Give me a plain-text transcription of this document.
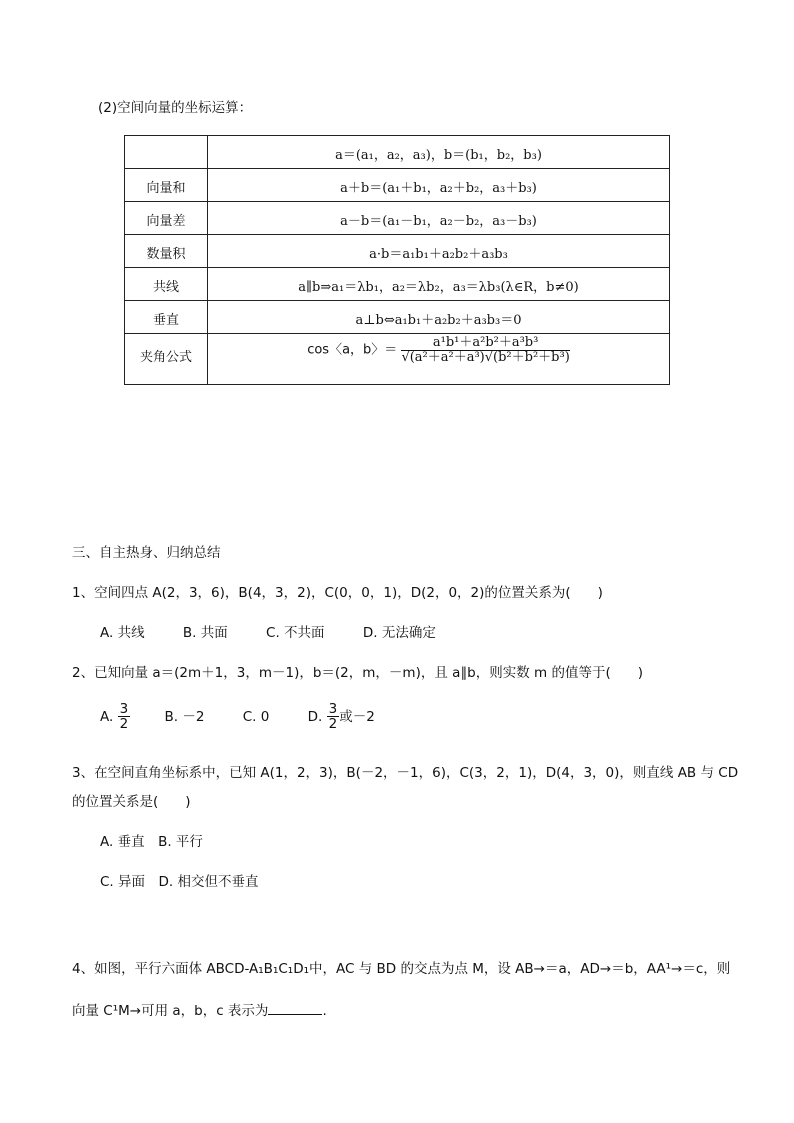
(2)空间向量的坐标运算：
	a＝(a₁，a₂，a₃)，b＝(b₁，b₂，b₃)
向量和	a＋b＝(a₁＋b₁，a₂＋b₂，a₃＋b₃)
向量差	a－b＝(a₁－b₁，a₂－b₂，a₃－b₃)
数量积	a·b＝a₁b₁＋a₂b₂＋a₃b₃
共线	a∥b⇒a₁＝λb₁，a₂＝λb₂，a₃＝λb₃(λ∈R，b≠0)
垂直	a⊥b⇔a₁b₁＋a₂b₂＋a₃b₃＝0
夹角公式	cos〈a，b〉＝ $\frac{\text{a¹b¹＋a²b²＋a³b³}}{\text{√(a²＋a²＋a³)√(b²＋b²＋b³)}}$
三、自主热身、归纳总结
1、空间四点 A(2，3，6)，B(4，3，2)，C(0，0，1)，D(2，0，2)的位置关系为(　　)
A. 共线	B. 共面	C. 不共面	D. 无法确定
2、已知向量 a＝(2m＋1，3，m－1)，b＝(2，m，－m)，且 a∥b，则实数 m 的值等于(　　)
A. $\frac{3}{2}$	B. －2	C. 0	D. $\frac{3}{2}$ 或－2
3、在空间直角坐标系中，已知 A(1，2，3)，B(－2，－1，6)，C(3，2，1)，D(4，3，0)，则直线 AB 与 CD
的位置关系是(　　)
A. 垂直　B. 平行
C. 异面　D. 相交但不垂直
4、如图，平行六面体 ABCD-A₁B₁C₁D₁中，AC 与 BD 的交点为点 M，设 AB→＝a，AD→＝b，AA¹→＝c，则
向量 C¹M→可用 a，b，c 表示为	.
